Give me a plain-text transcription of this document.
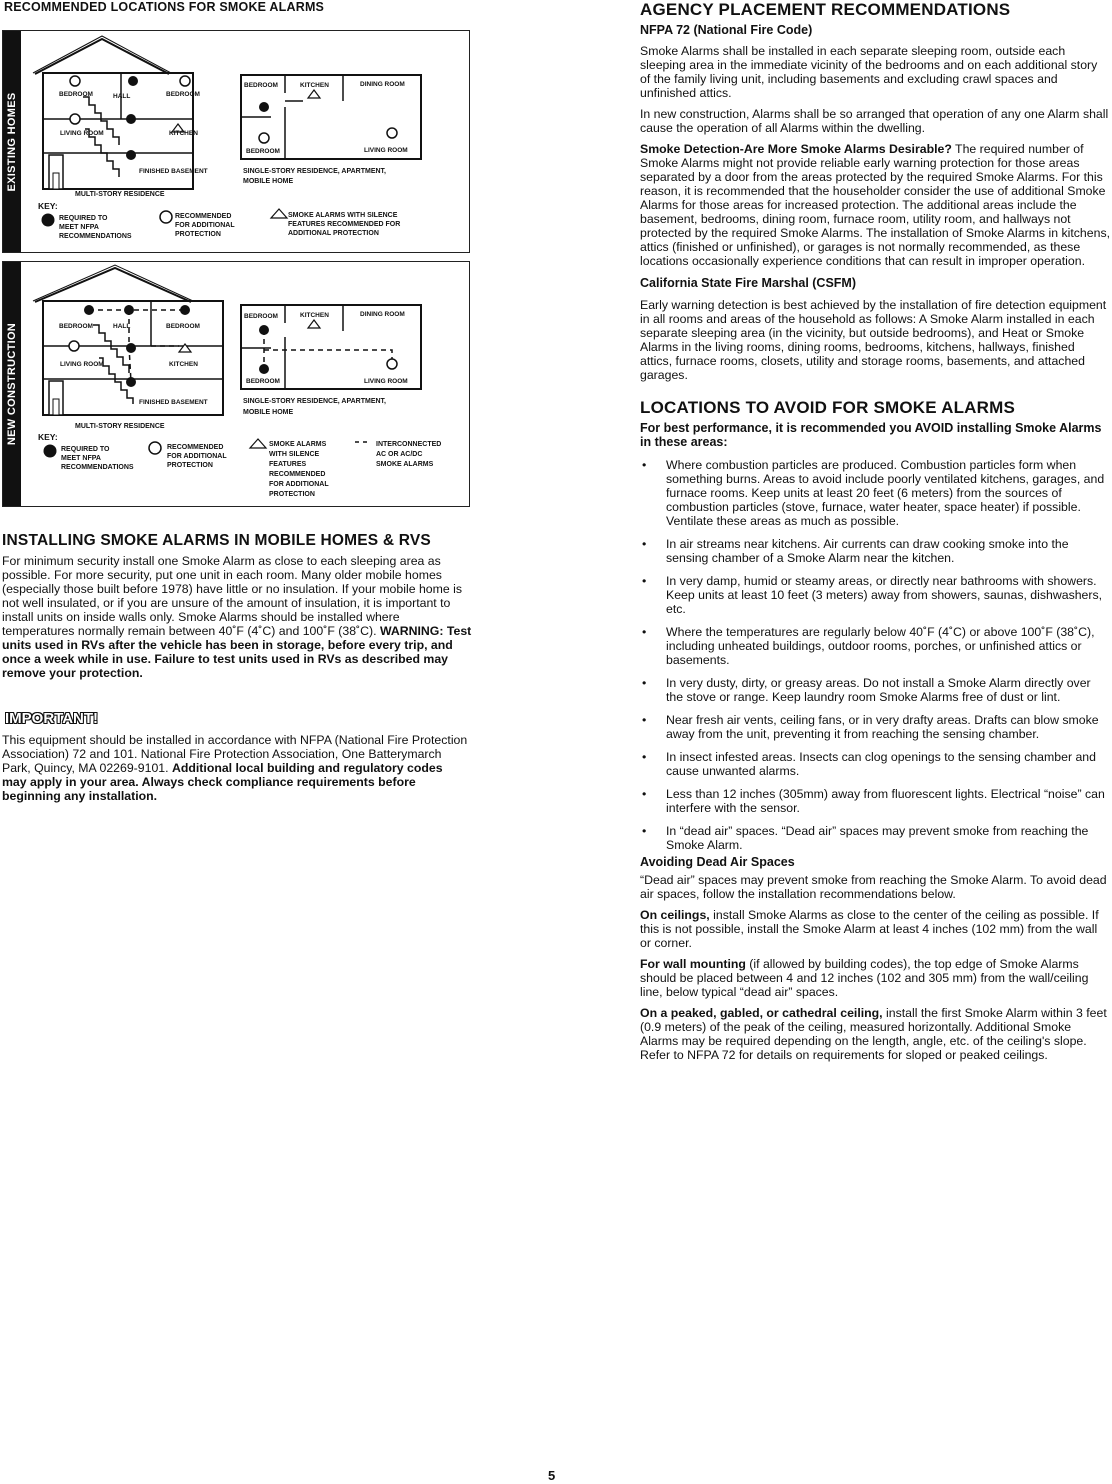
RECOMMENDED LOCATIONS FOR SMOKE ALARMS
EXISTING HOMES	BEDROOM	HALL	BEDROOM
LIVING ROOM	KITCHEN
FINISHED BASEMENT
MULTI-STORY RESIDENCE
BEDROOM	KITCHEN	DINING ROOM
BEDROOM	LIVING ROOM
SINGLE-STORY RESIDENCE, APARTMENT,
MOBILE HOME
KEY:
REQUIRED TO
MEET NFPA
RECOMMENDATIONS
RECOMMENDED
FOR ADDITIONAL
PROTECTION
SMOKE ALARMS WITH SILENCE
FEATURES RECOMMENDED FOR
ADDITIONAL PROTECTION
NEW CONSTRUCTION	BEDROOM	HALL	BEDROOM
LIVING ROOM	KITCHEN
FINISHED BASEMENT
MULTI-STORY RESIDENCE
BEDROOM	KITCHEN	DINING ROOM
BEDROOM	LIVING ROOM
SINGLE-STORY RESIDENCE, APARTMENT,
MOBILE HOME
KEY:
REQUIRED TO
MEET NFPA
RECOMMENDATIONS
RECOMMENDED
FOR ADDITIONAL
PROTECTION
SMOKE ALARMS
WITH SILENCE
FEATURES
RECOMMENDED
FOR ADDITIONAL
PROTECTION
INTERCONNECTED
AC OR AC/DC
SMOKE ALARMS
INSTALLING SMOKE ALARMS IN MOBILE HOMES & RVS

For minimum security install one Smoke Alarm as close to each sleeping area as possible. For more security, put one unit in each room. Many older mobile homes (especially those built before 1978) have little or no insulation. If your mobile home is not well insulated, or if you are unsure of the amount of insulation, it is important to install units on inside walls only. Smoke Alarms should be installed where temperatures normally remain between 40˚F (4˚C) and 100˚F (38˚C). WARNING: Test units used in RVs after the vehicle has been in storage, before every trip, and once a week while in use. Failure to test units used in RVs as described may remove your protection.

IMPORTANT!

This equipment should be installed in accordance with NFPA (National Fire Protection Association) 72 and 101. National Fire Protection Association, One Batterymarch Park, Quincy, MA 02269-9101. Additional local building and regulatory codes may apply in your area. Always check compliance requirements before beginning any installation.

AGENCY PLACEMENT RECOMMENDATIONS
NFPA 72 (National Fire Code)

Smoke Alarms shall be installed in each separate sleeping room, outside each sleeping area in the immediate vicinity of the bedrooms and on each additional story of the family living unit, including basements and excluding crawl spaces and unfinished attics.

In new construction, Alarms shall be so arranged that operation of any one Alarm shall cause the operation of all Alarms within the dwelling.

Smoke Detection-Are More Smoke Alarms Desirable? The required number of Smoke Alarms might not provide reliable early warning protection for those areas separated by a door from the areas protected by the required Smoke Alarms. For this reason, it is recommended that the householder consider the use of additional Smoke Alarms for those areas for increased protection. The additional areas include the basement, bedrooms, dining room, furnace room, utility room, and hallways not protected by the required Smoke Alarms. The installation of Smoke Alarms in kitchens, attics (finished or unfinished), or garages is not normally recommended, as these locations occasionally experience conditions that can result in improper operation.

California State Fire Marshal (CSFM)

Early warning detection is best achieved by the installation of fire detection equipment in all rooms and areas of the household as follows: A Smoke Alarm installed in each separate sleeping area (in the vicinity, but outside bedrooms), and Heat or Smoke Alarms in the living rooms, dining rooms, bedrooms, kitchens, hallways, finished attics, furnace rooms, closets, utility and storage rooms, basements, and attached garages.

LOCATIONS TO AVOID FOR SMOKE ALARMS
For best performance, it is recommended you AVOID installing Smoke Alarms in these areas:
• Where combustion particles are produced. Combustion particles form when something burns. Areas to avoid include poorly ventilated kitchens, garages, and furnace rooms. Keep units at least 20 feet (6 meters) from the sources of combustion particles (stove, furnace, water heater, space heater) if possible. Ventilate these areas as much as possible.
• In air streams near kitchens. Air currents can draw cooking smoke into the sensing chamber of a Smoke Alarm near the kitchen.
• In very damp, humid or steamy areas, or directly near bathrooms with showers. Keep units at least 10 feet (3 meters) away from showers, saunas, dishwashers, etc.
• Where the temperatures are regularly below 40˚F (4˚C) or above 100˚F (38˚C), including unheated buildings, outdoor rooms, porches, or unfinished attics or basements.
• In very dusty, dirty, or greasy areas. Do not install a Smoke Alarm directly over the stove or range. Keep laundry room Smoke Alarms free of dust or lint.
• Near fresh air vents, ceiling fans, or in very drafty areas. Drafts can blow smoke away from the unit, preventing it from reaching the sensing chamber.
• In insect infested areas. Insects can clog openings to the sensing chamber and cause unwanted alarms.
• Less than 12 inches (305mm) away from fluorescent lights. Electrical “noise” can interfere with the sensor.
• In “dead air” spaces. “Dead air” spaces may prevent smoke from reaching the Smoke Alarm.
Avoiding Dead Air Spaces

“Dead air” spaces may prevent smoke from reaching the Smoke Alarm. To avoid dead air spaces, follow the installation recommendations below.

On ceilings, install Smoke Alarms as close to the center of the ceiling as possible. If this is not possible, install the Smoke Alarm at least 4 inches (102 mm) from the wall or corner.

For wall mounting (if allowed by building codes), the top edge of Smoke Alarms should be placed between 4 and 12 inches (102 and 305 mm) from the wall/ceiling line, below typical “dead air” spaces.

On a peaked, gabled, or cathedral ceiling, install the first Smoke Alarm within 3 feet (0.9 meters) of the peak of the ceiling, measured horizontally. Additional Smoke Alarms may be required depending on the length, angle, etc. of the ceiling's slope. Refer to NFPA 72 for details on requirements for sloped or peaked ceilings.

5
